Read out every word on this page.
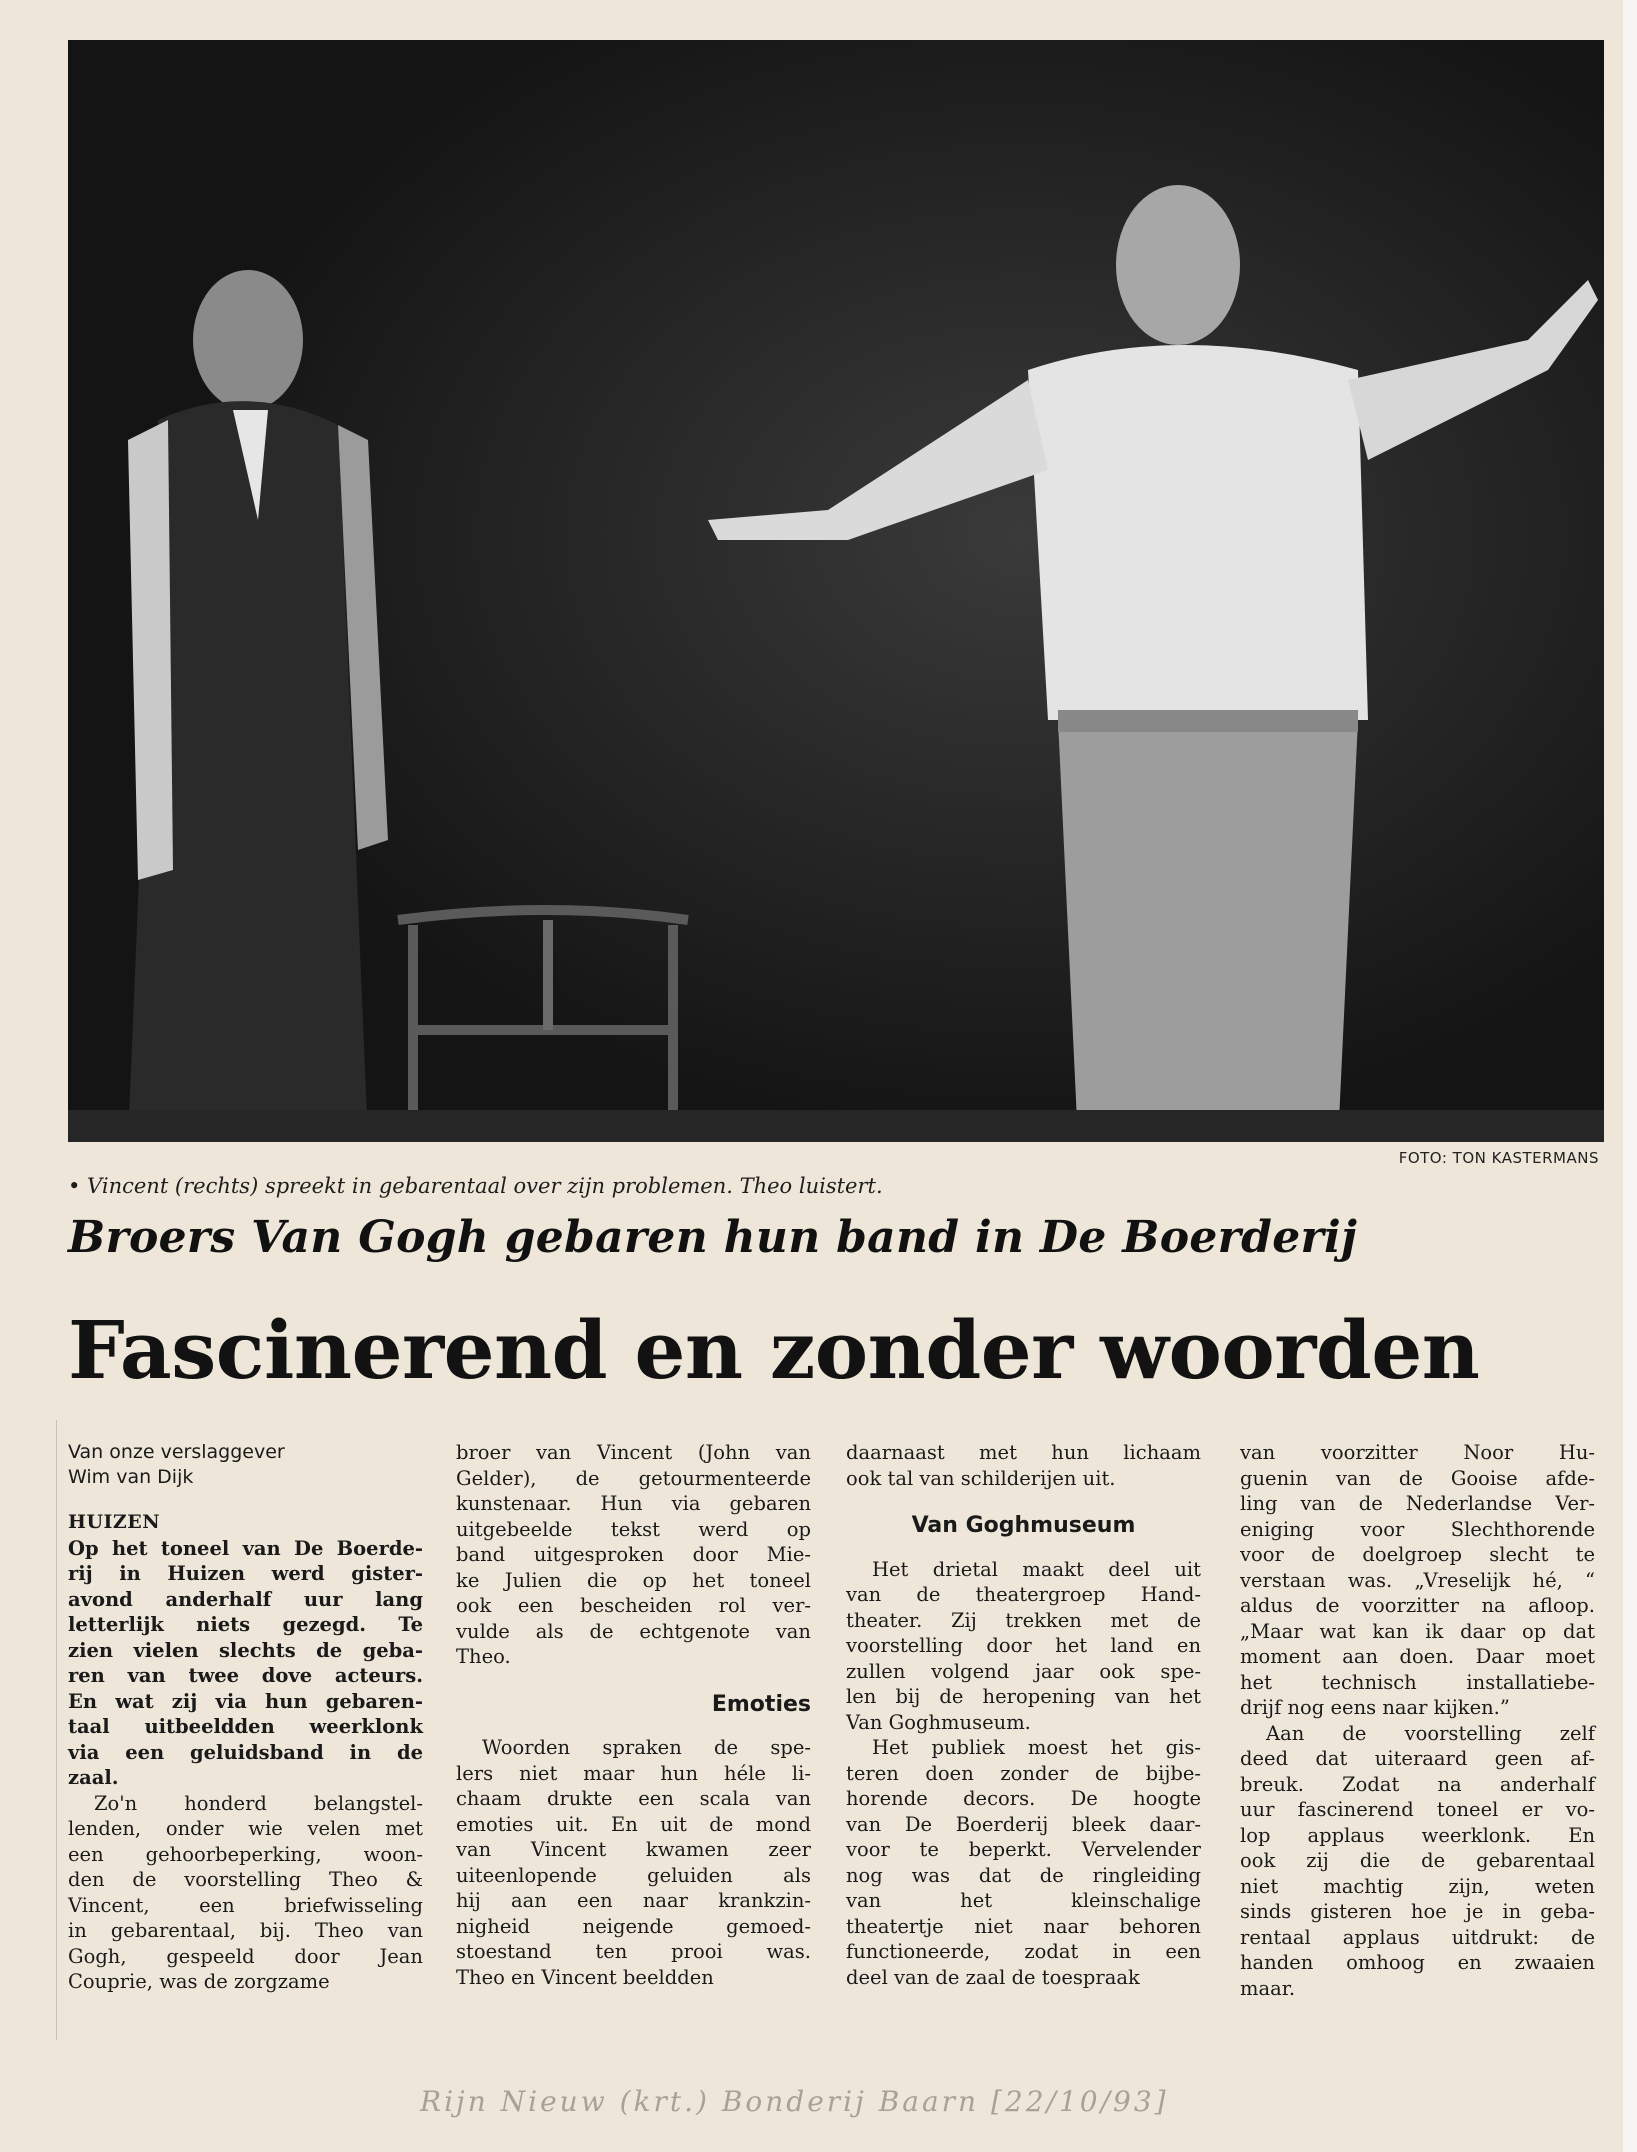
FOTO: TON KASTERMANS
• Vincent (rechts) spreekt in gebarentaal over zijn problemen. Theo luistert.
Broers Van Gogh gebaren hun band in De Boerderij
Fascinerend en zonder woorden
Van onze verslaggever
Wim van Dijk
HUIZEN
Op het toneel van De Boerde-
rij in Huizen werd gister-
avond anderhalf uur lang
letterlijk niets gezegd. Te
zien vielen slechts de geba-
ren van twee dove acteurs.
En wat zij via hun gebaren-
taal uitbeeldden weerklonk
via een geluidsband in de
zaal.
Zo'n honderd belangstel-
lenden, onder wie velen met
een gehoorbeperking, woon-
den de voorstelling Theo &
Vincent, een briefwisseling
in gebarentaal, bij. Theo van
Gogh, gespeeld door Jean
Couprie, was de zorgzame
broer van Vincent (John van
Gelder), de getourmenteerde
kunstenaar. Hun via gebaren
uitgebeelde tekst werd op
band uitgesproken door Mie-
ke Julien die op het toneel
ook een bescheiden rol ver-
vulde als de echtgenote van
Theo.
Emoties
Woorden spraken de spe-
lers niet maar hun héle li-
chaam drukte een scala van
emoties uit. En uit de mond
van Vincent kwamen zeer
uiteenlopende geluiden als
hij aan een naar krankzin-
nigheid neigende gemoed-
stoestand ten prooi was.
Theo en Vincent beeldden
daarnaast met hun lichaam
ook tal van schilderijen uit.
Van Goghmuseum
Het drietal maakt deel uit
van de theatergroep Hand-
theater. Zij trekken met de
voorstelling door het land en
zullen volgend jaar ook spe-
len bij de heropening van het
Van Goghmuseum.
Het publiek moest het gis-
teren doen zonder de bijbe-
horende decors. De hoogte
van De Boerderij bleek daar-
voor te beperkt. Vervelender
nog was dat de ringleiding
van het kleinschalige
theatertje niet naar behoren
functioneerde, zodat in een
deel van de zaal de toespraak
van voorzitter Noor Hu-
guenin van de Gooise afde-
ling van de Nederlandse Ver-
eniging voor Slechthorende
voor de doelgroep slecht te
verstaan was. „Vreselijk hé, “
aldus de voorzitter na afloop.
„Maar wat kan ik daar op dat
moment aan doen. Daar moet
het technisch installatiebe-
drijf nog eens naar kijken.”
Aan de voorstelling zelf
deed dat uiteraard geen af-
breuk. Zodat na anderhalf
uur fascinerend toneel er vo-
lop applaus weerklonk. En
ook zij die de gebarentaal
niet machtig zijn, weten
sinds gisteren hoe je in geba-
rentaal applaus uitdrukt: de
handen omhoog en zwaaien
maar.
Rijn Nieuw (krt.) Bonderij Baarn [22/10/93]
